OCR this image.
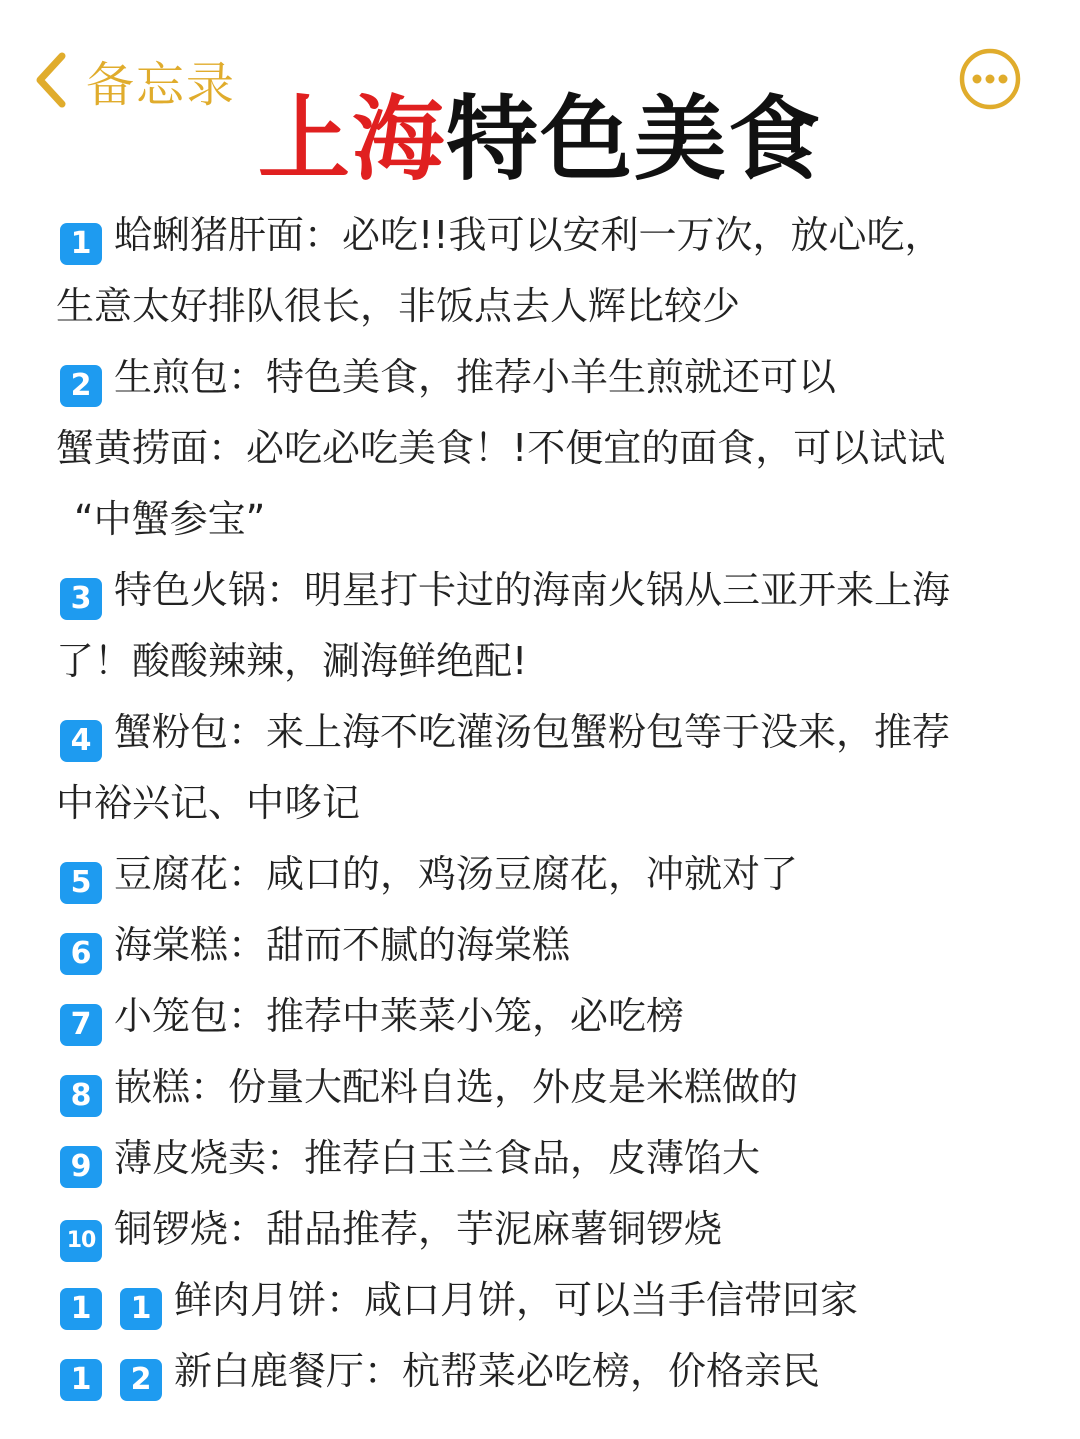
备忘录
上海特色美食
1 蛤蜊猪肝面：必吃!!我可以安利一万次，放心吃，
生意太好排队很长，非饭点去人辉比较少
2 生煎包：特色美食，推荐小羊生煎就还可以
蟹黄捞面：必吃必吃美食！!不便宜的面食，可以试试
“中蟹参宝”
3 特色火锅：明星打卡过的海南火锅从三亚开来上海
了！酸酸辣辣，涮海鲜绝配!
4 蟹粉包：来上海不吃灌汤包蟹粉包等于没来，推荐
中裕兴记、中哆记
5 豆腐花：咸口的，鸡汤豆腐花，冲就对了
6 海棠糕：甜而不腻的海棠糕
7 小笼包：推荐中莱菜小笼，必吃榜
8 嵌糕：份量大配料自选，外皮是米糕做的
9 薄皮烧卖：推荐白玉兰食品，皮薄馅大
10 铜锣烧：甜品推荐，芋泥麻薯铜锣烧
1 1 鲜肉月饼：咸口月饼，可以当手信带回家
1 2 新白鹿餐厅：杭帮菜必吃榜，价格亲民
